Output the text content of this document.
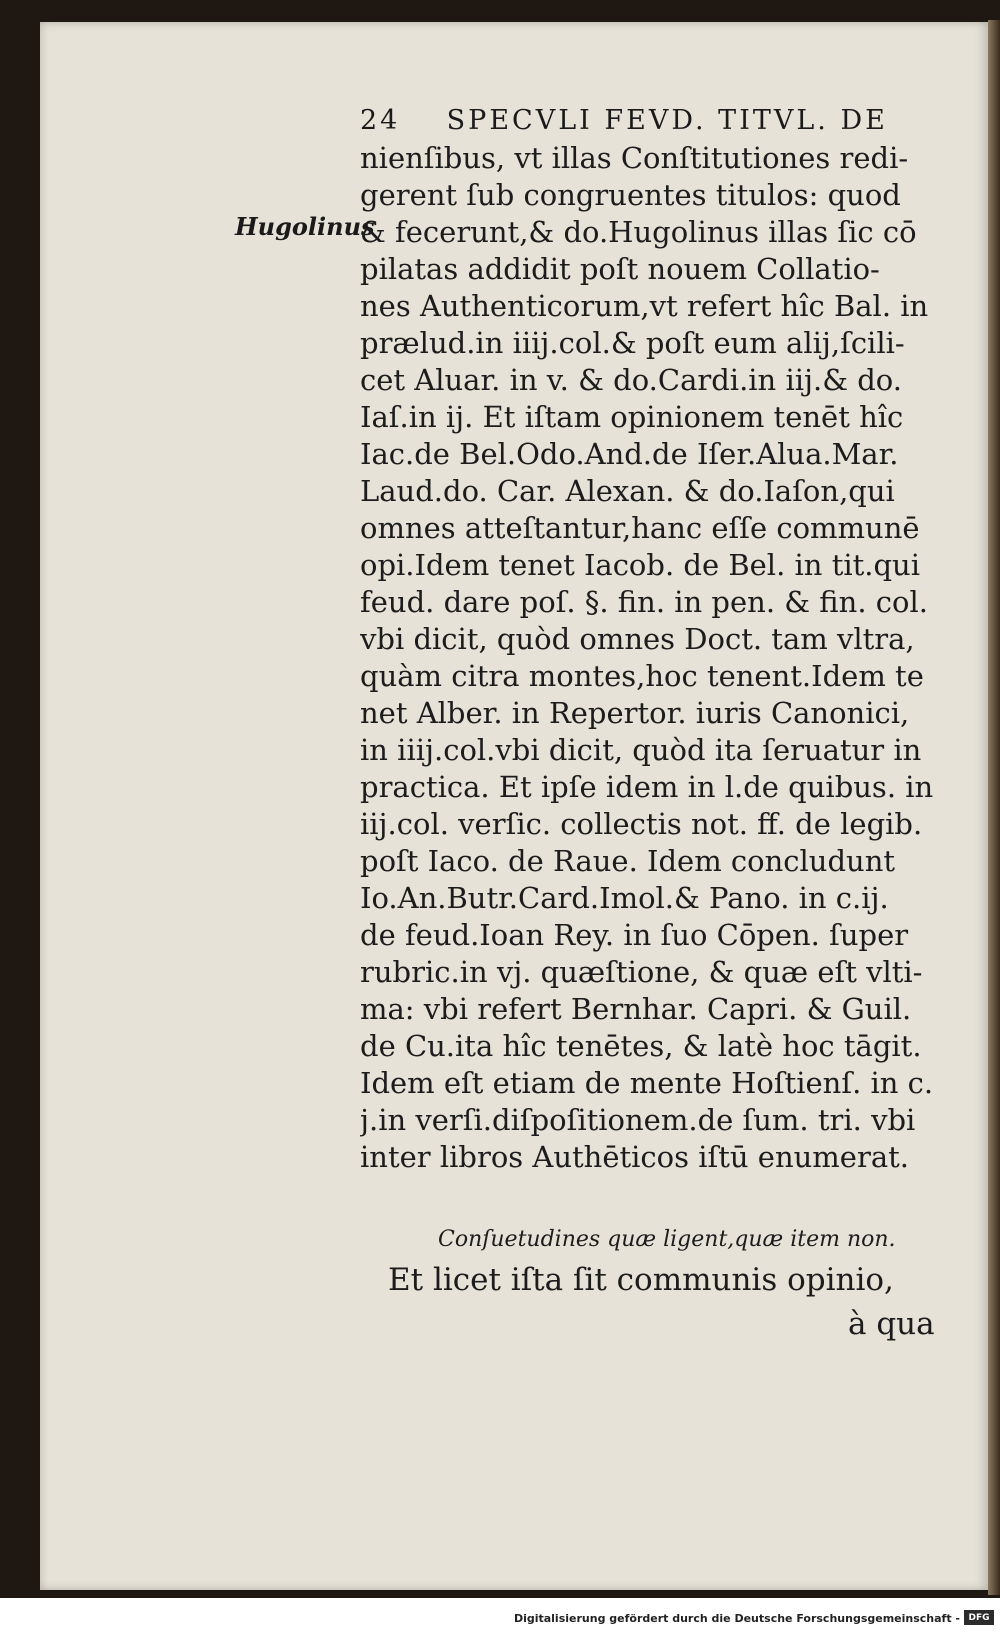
24    SPECVLI FEVD. TITVL. DE
Hugolinus
nienſibus, vt illas Conſtitutiones redi-
gerent ſub congruentes titulos: quod
& fecerunt,& do.Hugolinus illas ſic cō
pilatas addidit poſt nouem Collatio-
nes Authenticorum,vt refert hîc Bal. in
prælud.in iiij.col.& poſt eum alij,ſcili-
cet Aluar. in v. & do.Cardi.in iij.& do.
Iaſ.in ij. Et iſtam opinionem tenēt hîc
Iac.de Bel.Odo.And.de Iſer.Alua.Mar.
Laud.do. Car. Alexan. & do.Iaſon,qui
omnes atteſtantur,hanc eſſe communē
opi.Idem tenet Iacob. de Bel. in tit.qui
feud. dare poſ. §. fin. in pen. & fin. col.
vbi dicit, quòd omnes Doct. tam vltra,
quàm citra montes,hoc tenent.Idem te
net Alber. in Repertor. iuris Canonici,
in iiij.col.vbi dicit, quòd ita ſeruatur in
practica. Et ipſe idem in l.de quibus. in
iij.col. verſic. collectis not. ff. de legib.
poſt Iaco. de Raue. Idem concludunt
Io.An.Butr.Card.Imol.& Pano. in c.ij.
de feud.Ioan Rey. in ſuo Cōpen. ſuper
rubric.in vj. quæſtione, & quæ eſt vlti-
ma: vbi refert Bernhar. Capri. & Guil.
de Cu.ita hîc tenētes, & latè hoc tāgit.
Idem eſt etiam de mente Hoſtienſ. in c.
j.in verſi.diſpoſitionem.de ſum. tri. vbi
inter libros Authēticos iſtū enumerat.
Conſuetudines quæ ligent,quæ item non.
Et licet iſta ſit communis opinio,
à qua
Digitalisierung gefördert durch die Deutsche Forschungsgemeinschaft - DFG
